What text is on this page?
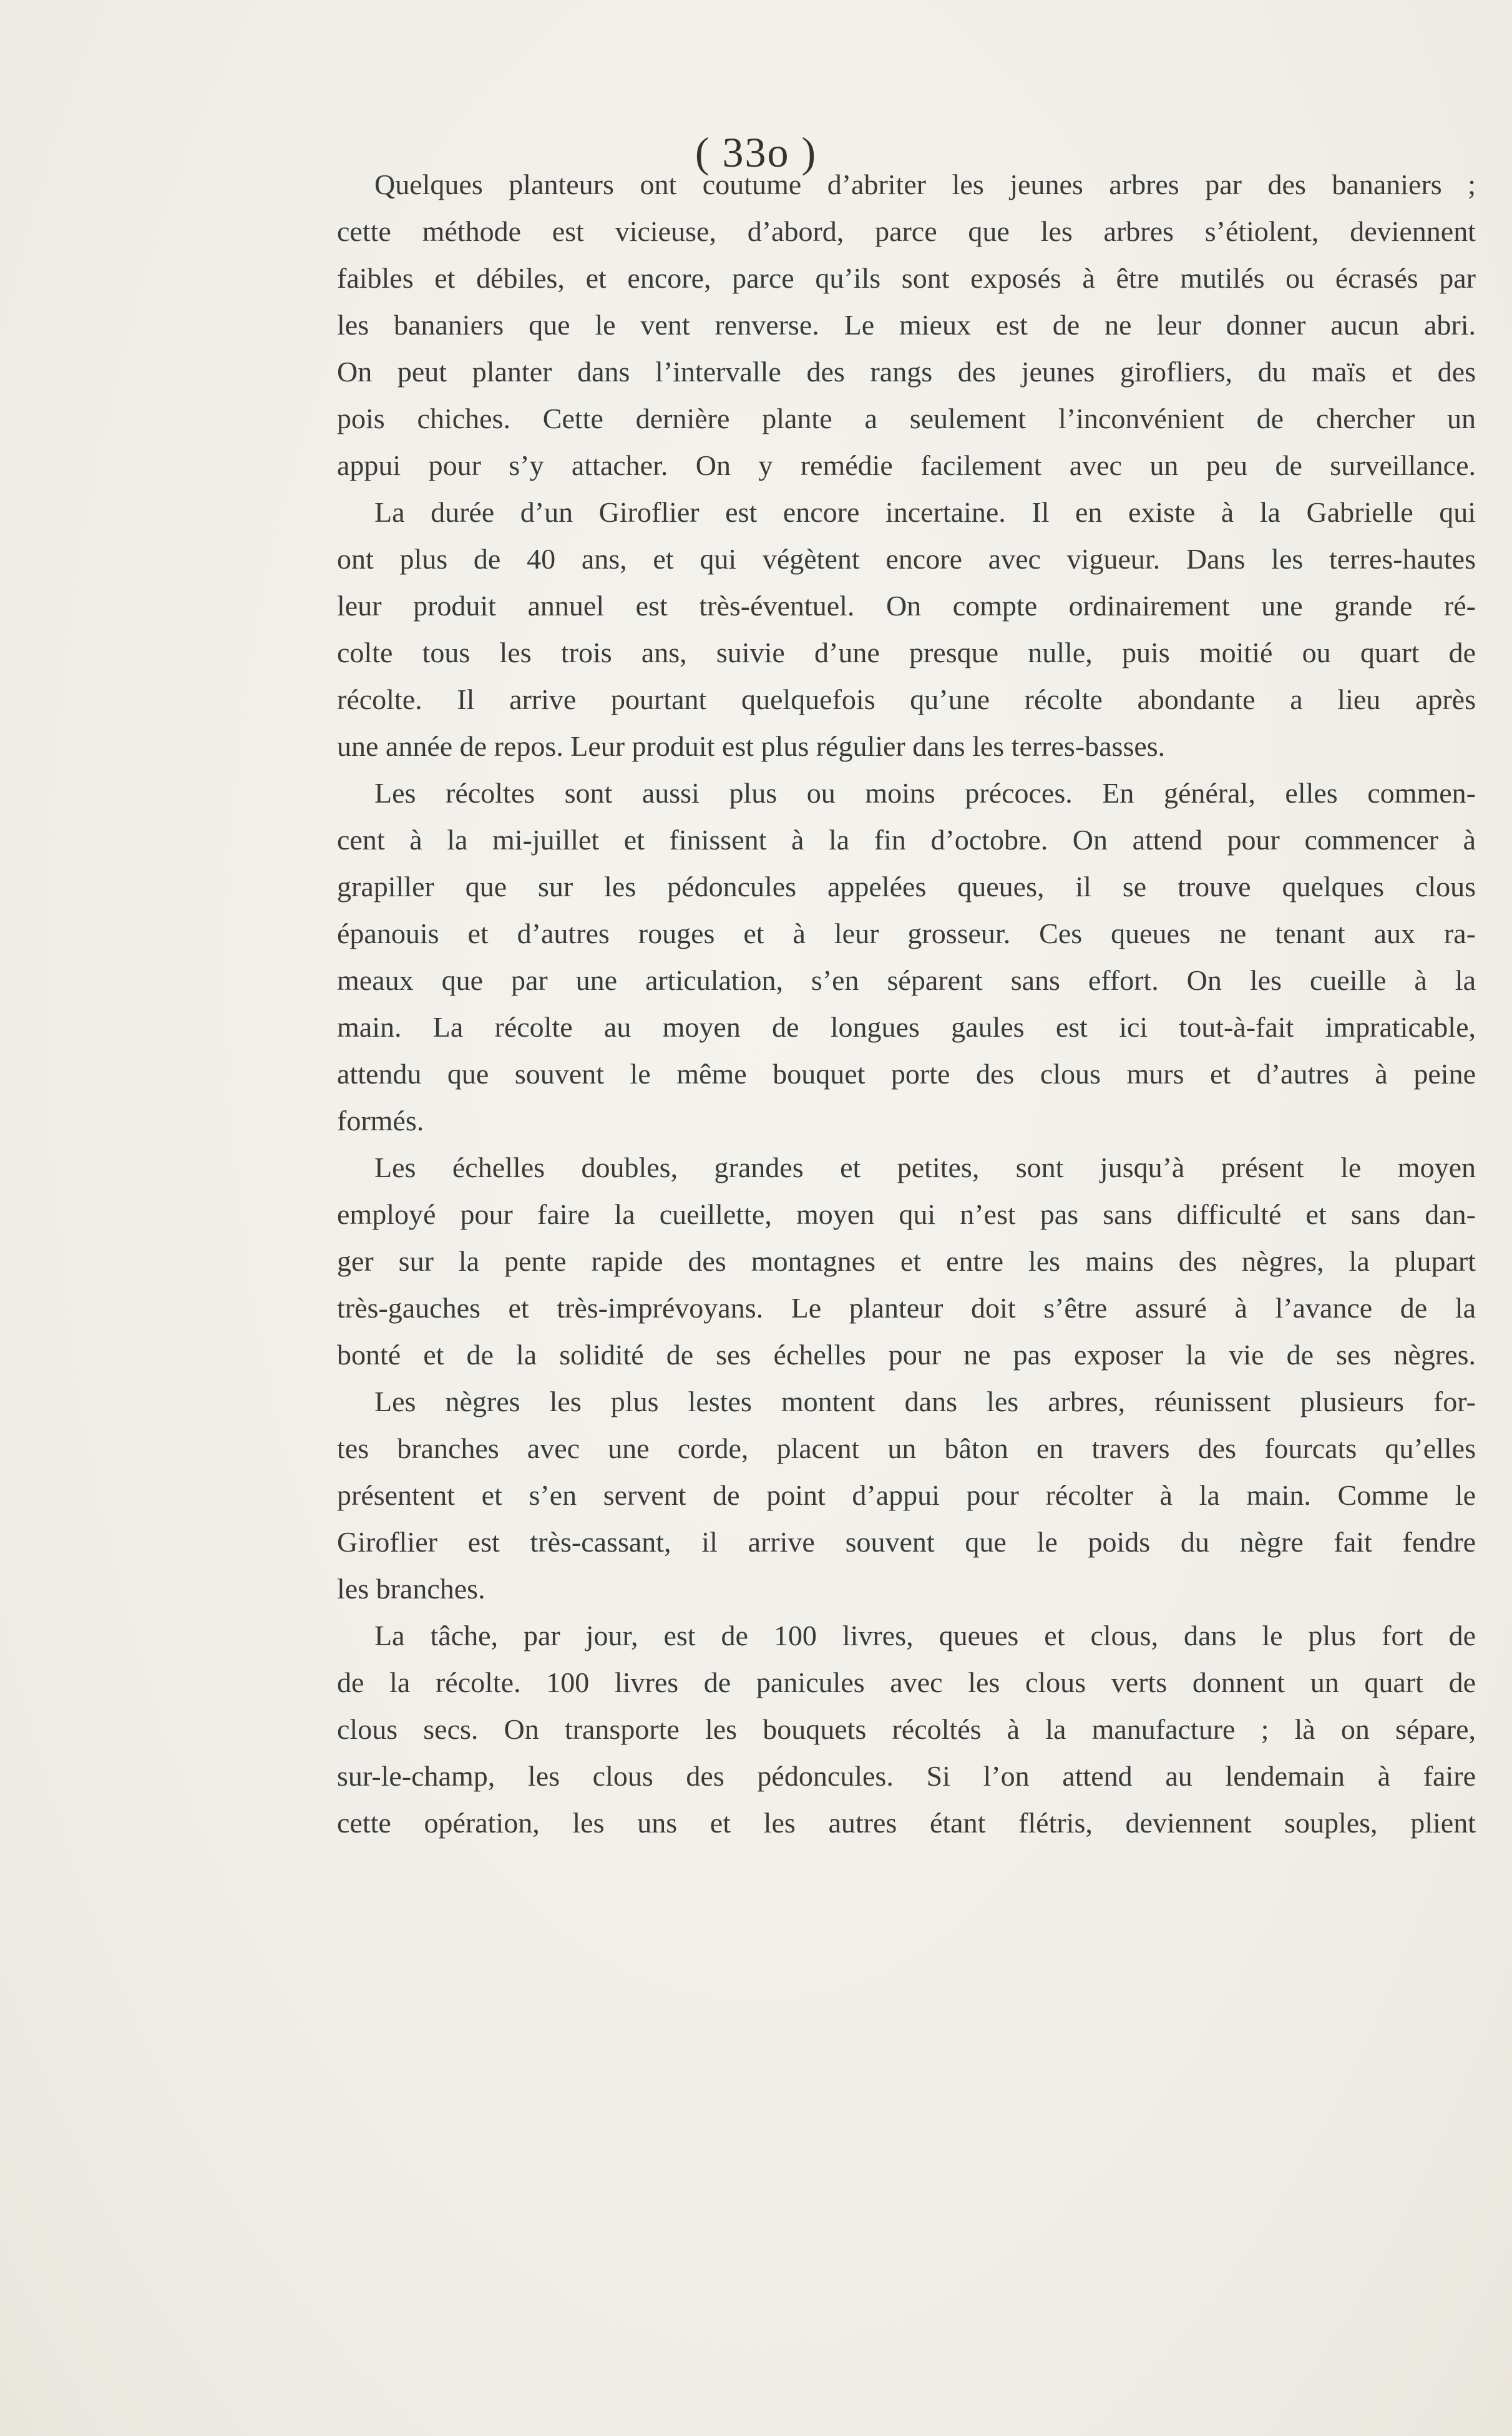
( 33o )
Quelques planteurs ont coutume d’abriter les jeunes arbres par des bananiers ;
cette méthode est vicieuse, d’abord, parce que les arbres s’étiolent, deviennent
faibles et débiles, et encore, parce qu’ils sont exposés à être mutilés ou écrasés par
les bananiers que le vent renverse. Le mieux est de ne leur donner aucun abri.
On peut planter dans l’intervalle des rangs des jeunes girofliers, du maïs et des
pois chiches. Cette dernière plante a seulement l’inconvénient de chercher un
appui pour s’y attacher. On y remédie facilement avec un peu de surveillance.
La durée d’un Giroflier est encore incertaine. Il en existe à la Gabrielle qui
ont plus de 40 ans, et qui végètent encore avec vigueur. Dans les terres-hautes
leur produit annuel est très-éventuel. On compte ordinairement une grande ré-
colte tous les trois ans, suivie d’une presque nulle, puis moitié ou quart de
récolte. Il arrive pourtant quelquefois qu’une récolte abondante a lieu après
une année de repos. Leur produit est plus régulier dans les terres-basses.
Les récoltes sont aussi plus ou moins précoces. En général, elles commen-
cent à la mi-juillet et finissent à la fin d’octobre. On attend pour commencer à
grapiller que sur les pédoncules appelées queues, il se trouve quelques clous
épanouis et d’autres rouges et à leur grosseur. Ces queues ne tenant aux ra-
meaux que par une articulation, s’en séparent sans effort. On les cueille à la
main. La récolte au moyen de longues gaules est ici tout-à-fait impraticable,
attendu que souvent le même bouquet porte des clous murs et d’autres à peine
formés.
Les échelles doubles, grandes et petites, sont jusqu’à présent le moyen
employé pour faire la cueillette, moyen qui n’est pas sans difficulté et sans dan-
ger sur la pente rapide des montagnes et entre les mains des nègres, la plupart
très-gauches et très-imprévoyans. Le planteur doit s’être assuré à l’avance de la
bonté et de la solidité de ses échelles pour ne pas exposer la vie de ses nègres.
Les nègres les plus lestes montent dans les arbres, réunissent plusieurs for-
tes branches avec une corde, placent un bâton en travers des fourcats qu’elles
présentent et s’en servent de point d’appui pour récolter à la main. Comme le
Giroflier est très-cassant, il arrive souvent que le poids du nègre fait fendre
les branches.
La tâche, par jour, est de 100 livres, queues et clous, dans le plus fort de
de la récolte. 100 livres de panicules avec les clous verts donnent un quart de
clous secs. On transporte les bouquets récoltés à la manufacture ; là on sépare,
sur-le-champ, les clous des pédoncules. Si l’on attend au lendemain à faire
cette opération, les uns et les autres étant flétris, deviennent souples, plient
